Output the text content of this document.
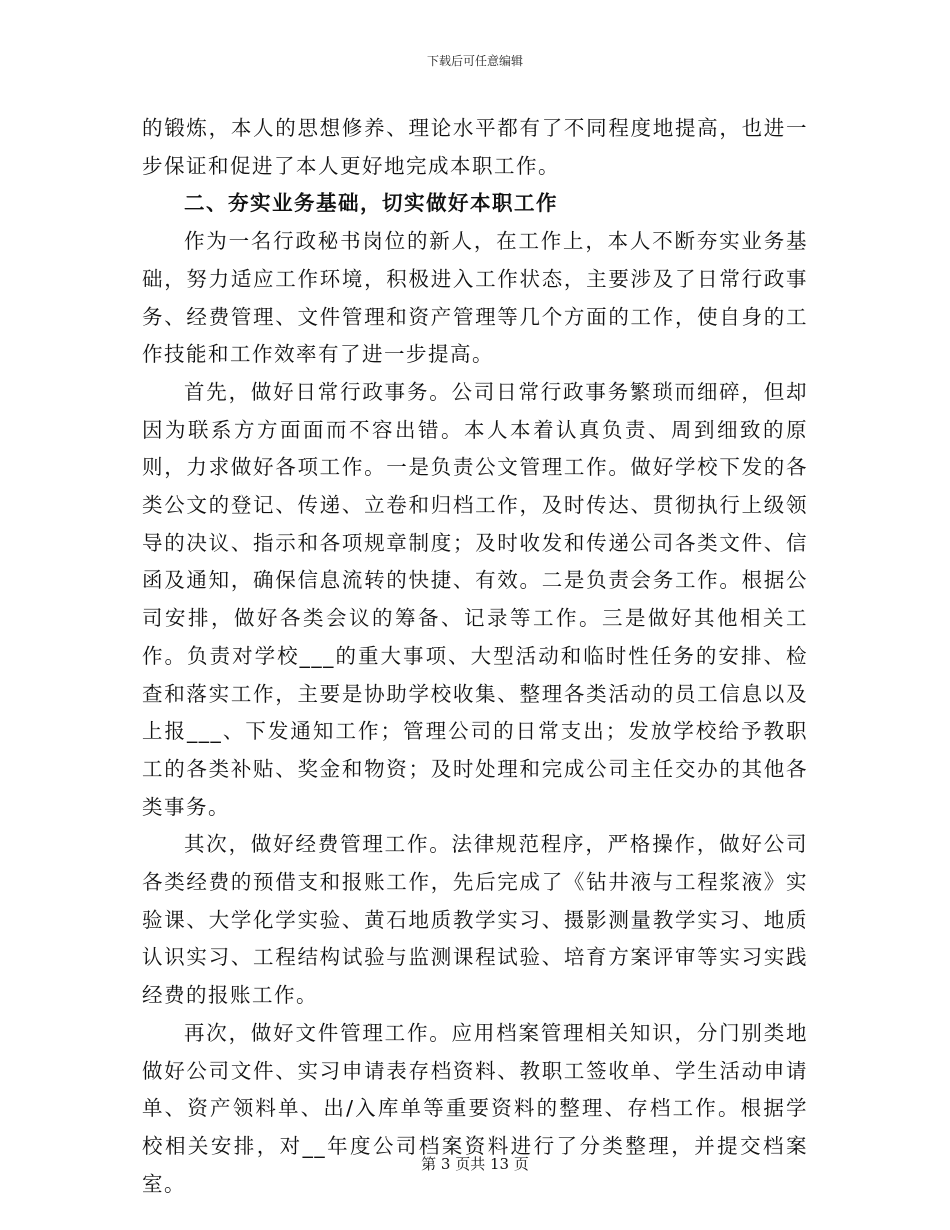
下载后可任意编辑

的锻炼，本人的思想修养、理论水平都有了不同程度地提高，也进一步保证和促进了本人更好地完成本职工作。

二、夯实业务基础，切实做好本职工作

作为一名行政秘书岗位的新人，在工作上，本人不断夯实业务基础，努力适应工作环境，积极进入工作状态，主要涉及了日常行政事务、经费管理、文件管理和资产管理等几个方面的工作，使自身的工作技能和工作效率有了进一步提高。

首先，做好日常行政事务。公司日常行政事务繁琐而细碎，但却因为联系方方面面而不容出错。本人本着认真负责、周到细致的原则，力求做好各项工作。一是负责公文管理工作。做好学校下发的各类公文的登记、传递、立卷和归档工作，及时传达、贯彻执行上级领导的决议、指示和各项规章制度；及时收发和传递公司各类文件、信函及通知，确保信息流转的快捷、有效。二是负责会务工作。根据公司安排，做好各类会议的筹备、记录等工作。三是做好其他相关工作。负责对学校___的重大事项、大型活动和临时性任务的安排、检查和落实工作，主要是协助学校收集、整理各类活动的员工信息以及上报___、下发通知工作；管理公司的日常支出；发放学校给予教职工的各类补贴、奖金和物资；及时处理和完成公司主任交办的其他各类事务。

其次，做好经费管理工作。法律规范程序，严格操作，做好公司各类经费的预借支和报账工作，先后完成了《钻井液与工程浆液》实验课、大学化学实验、黄石地质教学实习、摄影测量教学实习、地质认识实习、工程结构试验与监测课程试验、培育方案评审等实习实践经费的报账工作。

再次，做好文件管理工作。应用档案管理相关知识，分门别类地做好公司文件、实习申请表存档资料、教职工签收单、学生活动申请单、资产领料单、出/入库单等重要资料的整理、存档工作。根据学校相关安排，对__年度公司档案资料进行了分类整理，并提交档案室。

第 3 页共 13 页
